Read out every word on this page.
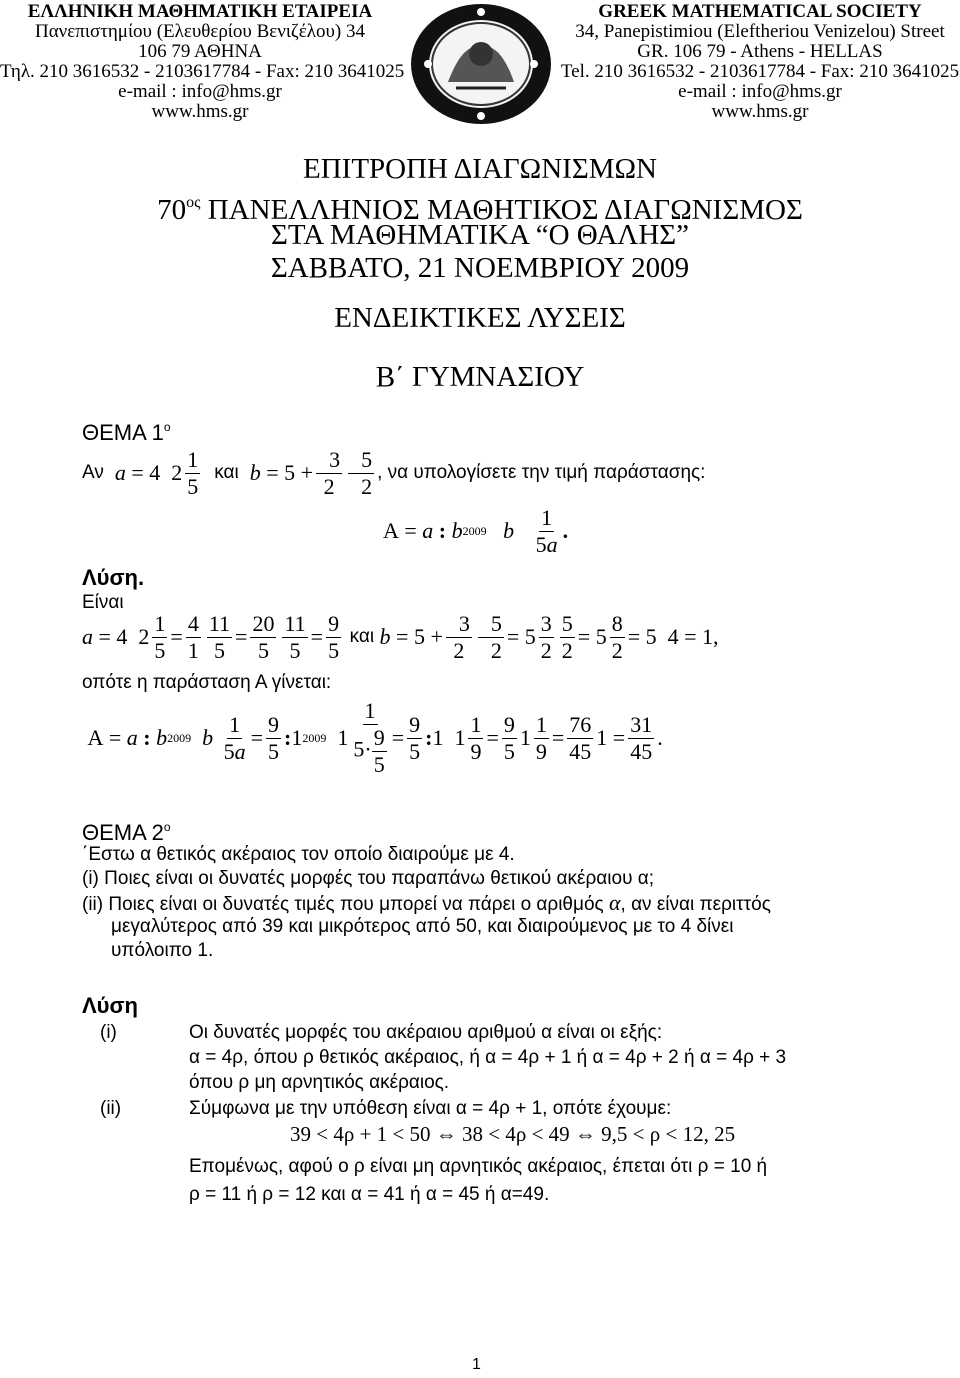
ΕΛΛΗΝΙΚΗ ΜΑΘΗΜΑΤΙΚΗ ΕΤΑΙΡΕΙΑ
Πανεπιστημίου (Ελευθερίου Βενιζέλου) 34
106 79 ΑΘΗΝΑ
Τηλ. 210 3616532 - 2103617784 - Fax: 210 3641025
e-mail : info@hms.gr
www.hms.gr
GREEK MATHEMATICAL SOCIETY
34, Panepistimiou (Εleftheriou Venizelou) Street
GR. 106 79 - Athens - HELLAS
Tel. 210 3616532 - 2103617784 - Fax: 210 3641025
e-mail : info@hms.gr
www.hms.gr
ΕΠΙΤΡΟΠΗ ΔΙΑΓΩΝΙΣΜΩΝ
$70^{o\varsigma}$ ΠΑΝΕΛΛΗΝΙΟΣ ΜΑΘΗΤΙΚΟΣ ΔΙΑΓΩΝΙΣΜΟΣ
ΣΤΑ ΜΑΘΗΜΑΤΙΚΑ “Ο ΘΑΛΗΣ”
ΣΑΒΒΑΤΟ, 21 ΝΟΕΜΒΡΙΟΥ 2009
ΕΝΔΕΙΚΤΙΚΕΣ ΛΥΣΕΙΣ
Β΄ ΓΥΜΝΑΣΙΟΥ
ΘΕΜΑ $1^o$
Αν
a = 4  $2 \frac{1}{5}$
και
$b = 5 + \frac{3}{2} \frac{5}{2}$ , να υπολογίσετε την τιμή παράστασης:
Α = a
:
b 2009
b
$\frac{1}{5a}$ .
Λύση.
Είναι
a = 4  $2 \frac{1}{5} = \frac{4}{1} \frac{11}{5} = \frac{20}{5} \frac{11}{5} = \frac{9}{5}$
και
$b = 5 + \frac{3}{2} \frac{5}{2} = 5 \frac{3}{2} \frac{5}{2} = 5 \frac{8}{2} = 5$  4 = 1,
οπότε η παράσταση Α γίνεται:
Α = a
:
b 2009
b
$\frac{1}{5a} = \frac{9}{5}$ : 1 2009 $1 \frac{1}{5\cdot \frac{9}{5}} = \frac{9}{5}$ : 1  $1 \frac{1}{9} = \frac{9}{5} 1 \frac{1}{9} = \frac{76}{45} 1 = \frac{31}{45}$ .
ΘΕΜΑ $2^o$
΄Εστω α θετικός ακέραιος τον οποίο διαιρούμε με 4.
(i) Ποιες είναι οι δυνατές μορφές του παραπάνω θετικού ακέραιου α;
(ii) Ποιες είναι οι δυνατές τιμές που μπορεί να πάρει ο αριθμός α, αν είναι περιττός
μεγαλύτερος από 39 και μικρότερος από 50, και διαιρούμενος με το 4 δίνει
υπόλοιπο 1.
Λύση
(i)	Οι δυνατές μορφές του ακέραιου αριθμού α είναι οι εξής:
α = 4ρ, όπου ρ θετικός ακέραιος, ή α = 4ρ + 1 ή α = 4ρ + 2 ή α = 4ρ + 3
όπου ρ μη αρνητικός ακέραιος.
(ii)	Σύμφωνα με την υπόθεση είναι α = 4ρ + 1, οπότε έχουμε:
39 < 4ρ + 1 < 50 ⇔ 38 < 4ρ < 49 ⇔ 9,5 < ρ < 12, 25
Επομένως, αφού ο ρ είναι μη αρνητικός ακέραιος, έπεται ότι ρ = 10 ή
ρ = 11 ή ρ = 12 και α = 41 ή α = 45 ή α=49.
1
